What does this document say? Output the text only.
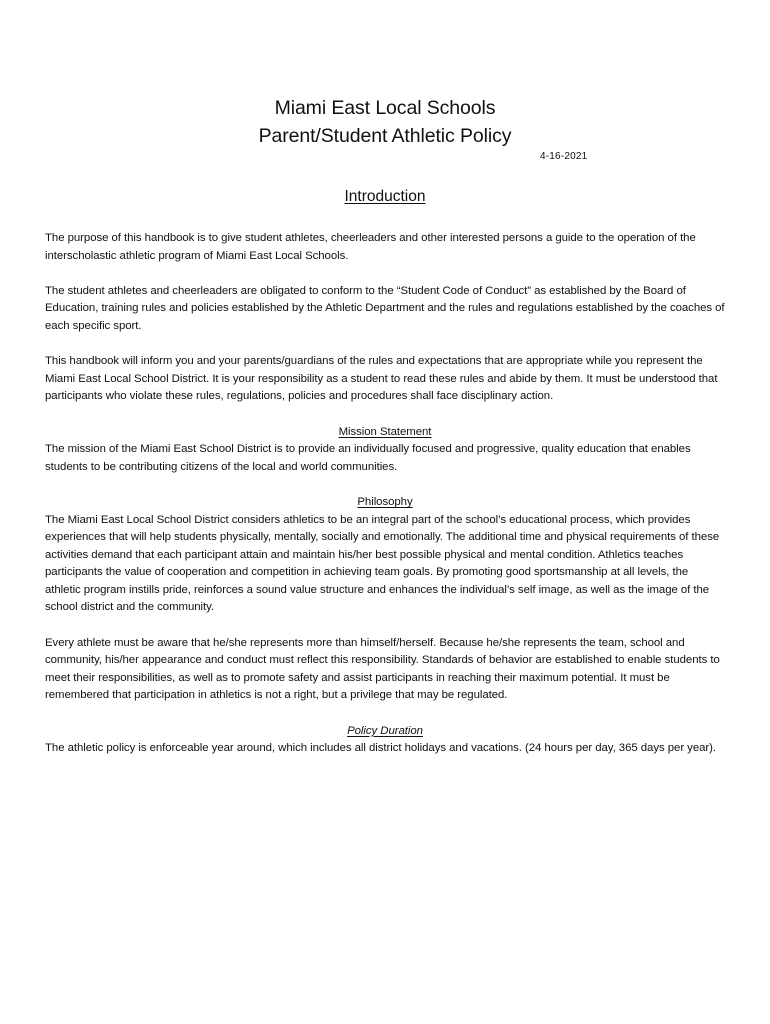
Miami East Local Schools
Parent/Student Athletic Policy
4-16-2021
Introduction

The purpose of this handbook is to give student athletes, cheerleaders and other interested persons a guide to the operation of the interscholastic athletic program of Miami East Local Schools.

The student athletes and cheerleaders are obligated to conform to the “Student Code of Conduct” as established by the Board of Education, training rules and policies established by the Athletic Department and the rules and regulations established by the coaches of each specific sport.

This handbook will inform you and your parents/guardians of the rules and expectations that are appropriate while you represent the Miami East Local School District. It is your responsibility as a student to read these rules and abide by them. It must be understood that participants who violate these rules, regulations, policies and procedures shall face disciplinary action.

Mission Statement

The mission of the Miami East School District is to provide an individually focused and progressive, quality education that enables students to be contributing citizens of the local and world communities.

Philosophy

The Miami East Local School District considers athletics to be an integral part of the school’s educational process, which provides experiences that will help students physically, mentally, socially and emotionally. The additional time and physical requirements of these activities demand that each participant attain and maintain his/her best possible physical and mental condition. Athletics teaches participants the value of cooperation and competition in achieving team goals. By promoting good sportsmanship at all levels, the athletic program instills pride, reinforces a sound value structure and enhances the individual’s self image, as well as the image of the school district and the community.

Every athlete must be aware that he/she represents more than himself/herself. Because he/she represents the team, school and community, his/her appearance and conduct must reflect this responsibility. Standards of behavior are established to enable students to meet their responsibilities, as well as to promote safety and assist participants in reaching their maximum potential. It must be remembered that participation in athletics is not a right, but a privilege that may be regulated.

Policy Duration

The athletic policy is enforceable year around, which includes all district holidays and vacations. (24 hours per day, 365 days per year).
